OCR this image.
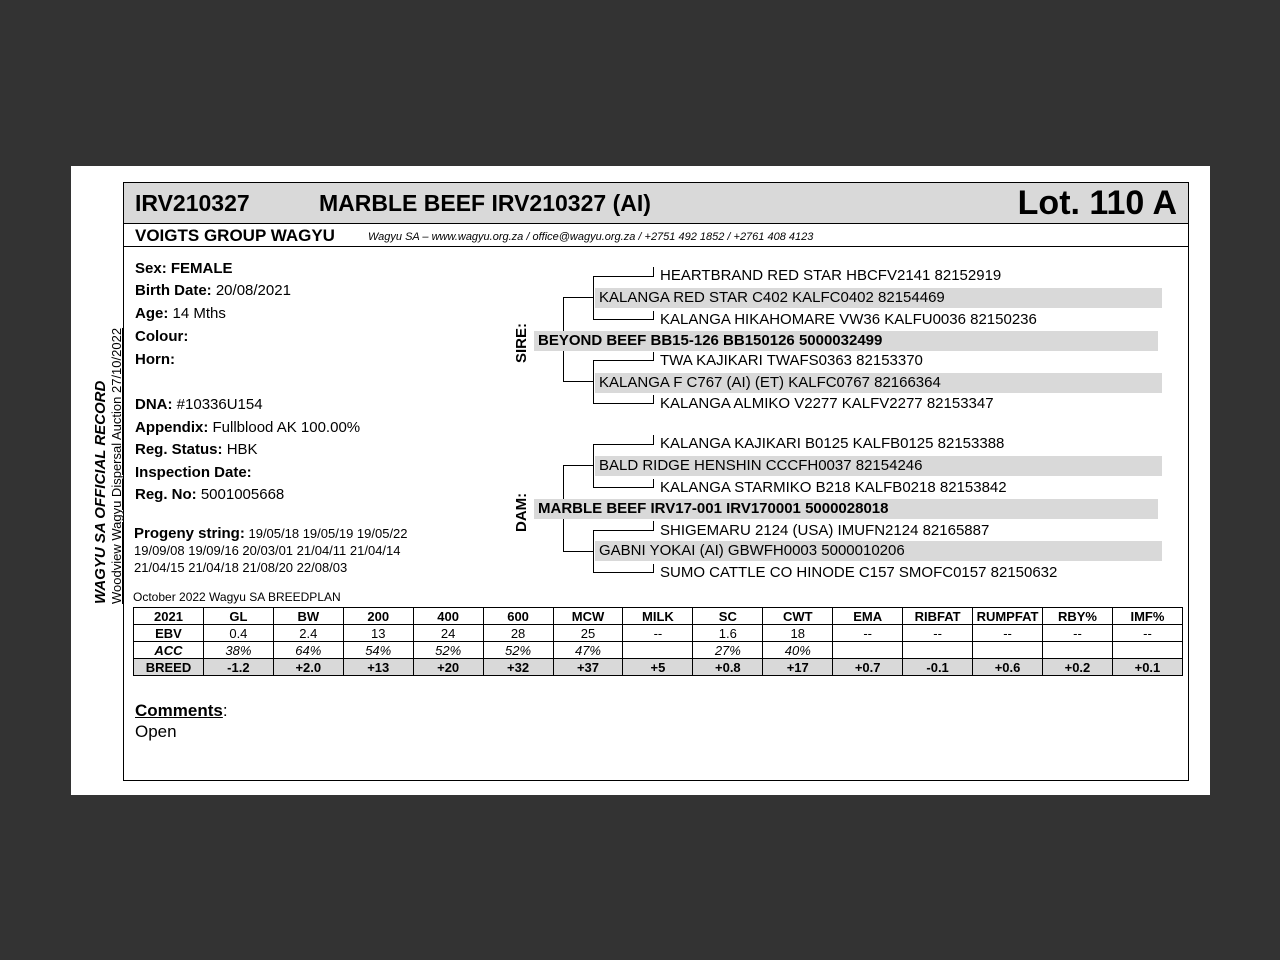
WAGYU SA OFFICIAL RECORD Woodview Wagyu Dispersal Auction 27/10/2022
IRV210327	MARBLE BEEF IRV210327 (AI)	Lot. 110 A
VOIGTS GROUP WAGYU	Wagyu SA – www.wagyu.org.za / office@wagyu.org.za / +2751 492 1852 / +2761 408 4123
Sex: FEMALE
Birth Date: 20/08/2021
Age: 14 Mths
Colour:
Horn:
DNA: #10336U154
Appendix: Fullblood AK 100.00%
Reg. Status: HBK
Inspection Date:
Reg. No: 5001005668
Progeny string: 19/05/18 19/05/19 19/05/22
19/09/08 19/09/16 20/03/01 21/04/11 21/04/14
21/04/15 21/04/18 21/08/20 22/08/03
SIRE:
DAM:
HEARTBRAND RED STAR HBCFV2141 82152919
KALANGA RED STAR C402 KALFC0402 82154469
KALANGA HIKAHOMARE VW36 KALFU0036 82150236
BEYOND BEEF BB15-126 BB150126 5000032499
TWA KAJIKARI TWAFS0363 82153370
KALANGA F C767 (AI) (ET) KALFC0767 82166364
KALANGA ALMIKO V2277 KALFV2277 82153347
KALANGA KAJIKARI B0125 KALFB0125 82153388
BALD RIDGE HENSHIN CCCFH0037 82154246
KALANGA STARMIKO B218 KALFB0218 82153842
MARBLE BEEF IRV17-001 IRV170001 5000028018
SHIGEMARU 2124 (USA) IMUFN2124 82165887
GABNI YOKAI (AI) GBWFH0003 5000010206
SUMO CATTLE CO HINODE C157 SMOFC0157 82150632
October 2022 Wagyu SA BREEDPLAN
2021	GL	BW	200	400	600	MCW	MILK	SC	CWT	EMA	RIBFAT	RUMPFAT	RBY%	IMF%
EBV	0.4	2.4	13	24	28	25	--	1.6	18	--	--	--	--	--
ACC	38%	64%	54%	52%	52%	47%		27%	40%					
BREED	-1.2	+2.0	+13	+20	+32	+37	+5	+0.8	+17	+0.7	-0.1	+0.6	+0.2	+0.1
Comments:
Open
